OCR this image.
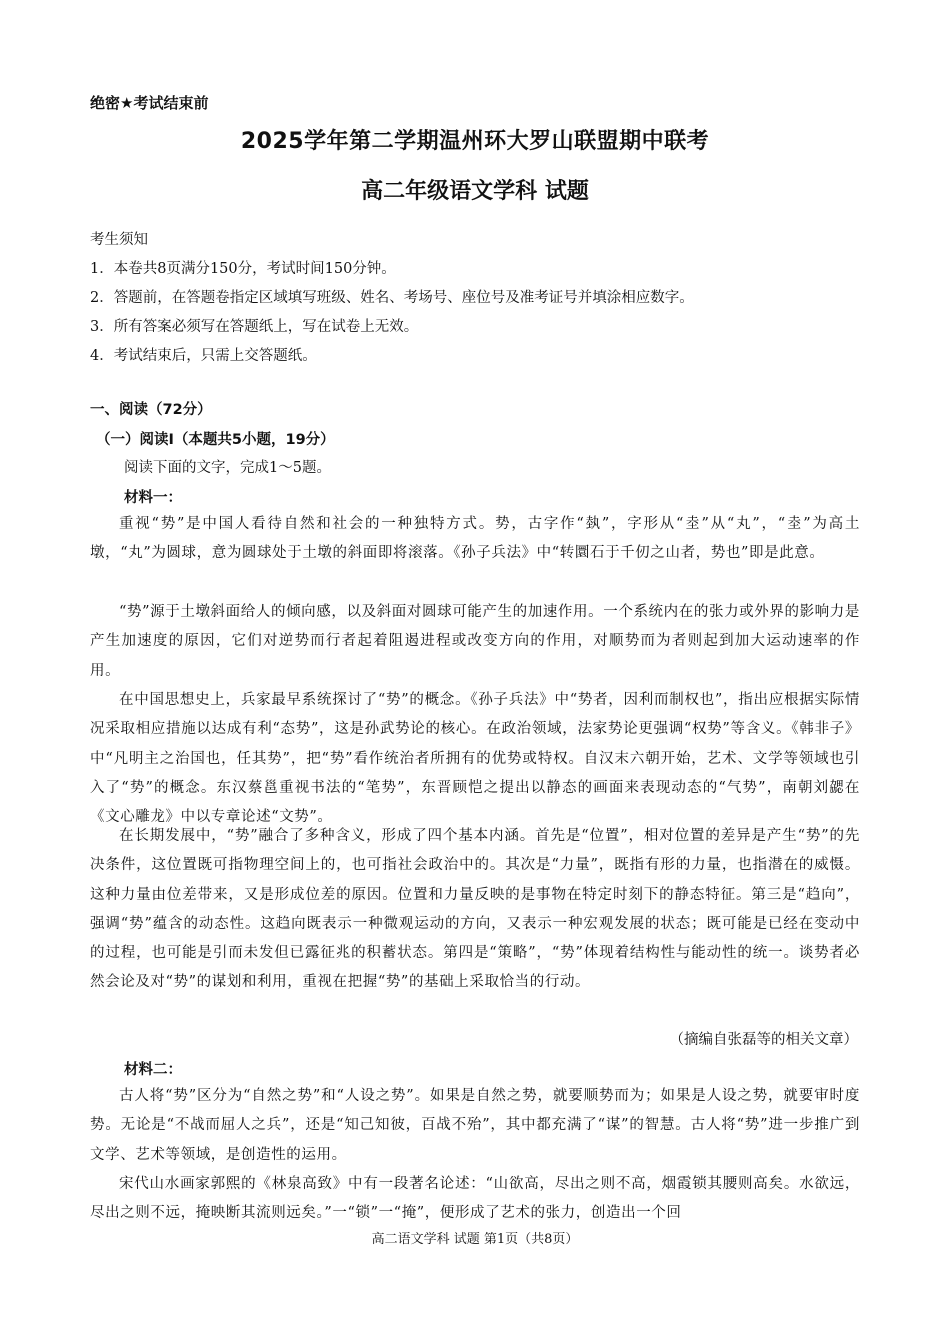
绝密★考试结束前
2025学年第二学期温州环大罗山联盟期中联考
高二年级语文学科 试题
考生须知
1．本卷共8页满分150分，考试时间150分钟。
2．答题前，在答题卷指定区域填写班级、姓名、考场号、座位号及准考证号并填涂相应数字。
3．所有答案必须写在答题纸上，写在试卷上无效。
4．考试结束后，只需上交答题纸。
一、阅读（72分）
（一）阅读Ⅰ（本题共5小题，19分）
阅读下面的文字，完成1～5题。
材料一：
重视“势”是中国人看待自然和社会的一种独特方式。势，古字作“埶”，字形从“坴”从“丸”，“坴”为高土墩，“丸”为圆球，意为圆球处于土墩的斜面即将滚落。《孙子兵法》中“转圜石于千仞之山者，势也”即是此意。
“势”源于土墩斜面给人的倾向感，以及斜面对圆球可能产生的加速作用。一个系统内在的张力或外界的影响力是产生加速度的原因，它们对逆势而行者起着阻遏进程或改变方向的作用，对顺势而为者则起到加大运动速率的作用。
在中国思想史上，兵家最早系统探讨了“势”的概念。《孙子兵法》中“势者，因利而制权也”，指出应根据实际情况采取相应措施以达成有利“态势”，这是孙武势论的核心。在政治领域，法家势论更强调“权势”等含义。《韩非子》中“凡明主之治国也，任其势”，把“势”看作统治者所拥有的优势或特权。自汉末六朝开始，艺术、文学等领域也引入了“势”的概念。东汉蔡邕重视书法的“笔势”，东晋顾恺之提出以静态的画面来表现动态的“气势”，南朝刘勰在《文心雕龙》中以专章论述“文势”。
在长期发展中，“势”融合了多种含义，形成了四个基本内涵。首先是“位置”，相对位置的差异是产生“势”的先决条件，这位置既可指物理空间上的，也可指社会政治中的。其次是“力量”，既指有形的力量，也指潜在的威慑。这种力量由位差带来，又是形成位差的原因。位置和力量反映的是事物在特定时刻下的静态特征。第三是“趋向”，强调“势”蕴含的动态性。这趋向既表示一种微观运动的方向，又表示一种宏观发展的状态；既可能是已经在变动中的过程，也可能是引而未发但已露征兆的积蓄状态。第四是“策略”，“势”体现着结构性与能动性的统一。谈势者必然会论及对“势”的谋划和利用，重视在把握“势”的基础上采取恰当的行动。
（摘编自张磊等的相关文章）
材料二：
古人将“势”区分为“自然之势”和“人设之势”。如果是自然之势，就要顺势而为；如果是人设之势，就要审时度势。无论是“不战而屈人之兵”，还是“知己知彼，百战不殆”，其中都充满了“谋”的智慧。古人将“势”进一步推广到文学、艺术等领域，是创造性的运用。
宋代山水画家郭熙的《林泉高致》中有一段著名论述：“山欲高，尽出之则不高，烟霞锁其腰则高矣。水欲远，尽出之则不远，掩映断其流则远矣。”一“锁”一“掩”，便形成了艺术的张力，创造出一个回
高二语文学科 试题 第1页（共8页）
